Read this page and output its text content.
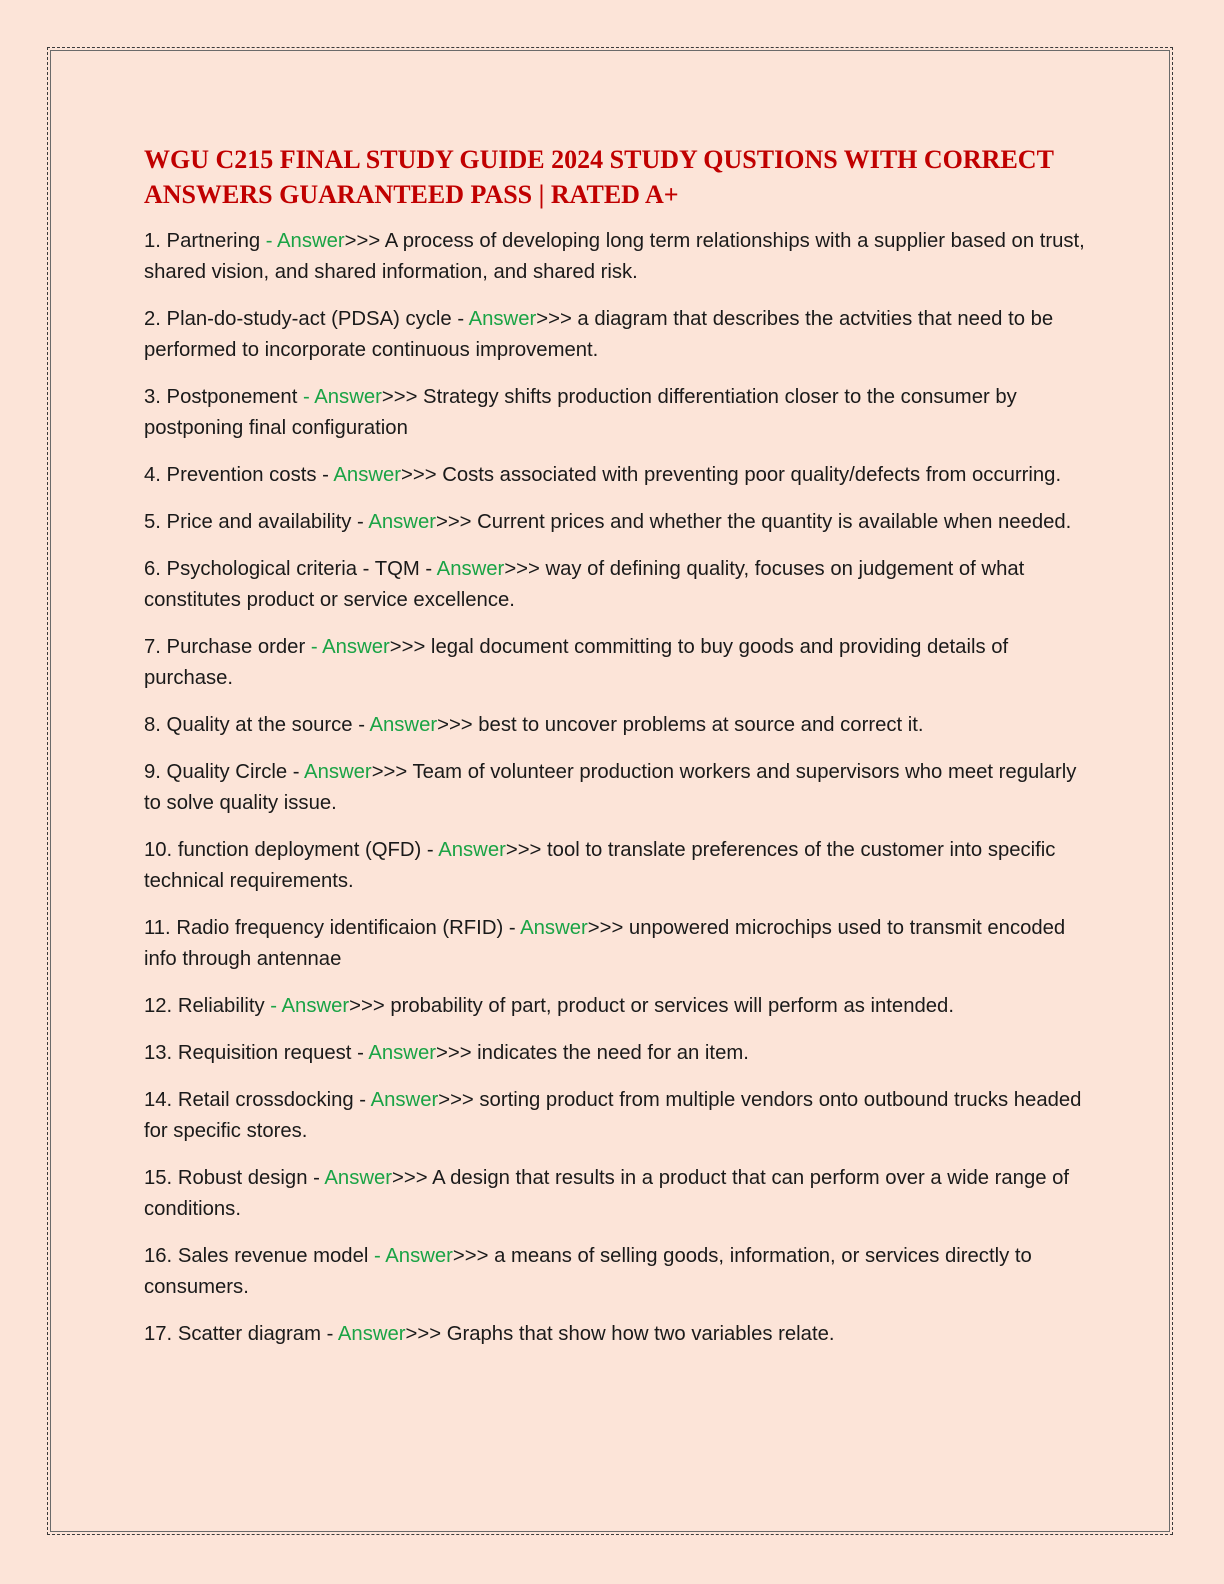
WGU C215 FINAL STUDY GUIDE 2024 STUDY QUSTIONS WITH CORRECT ANSWERS GUARANTEED PASS | RATED A+
1. Partnering - Answer>>> A process of developing long term relationships with a supplier based on trust, shared vision, and shared information, and shared risk.
2. Plan-do-study-act (PDSA) cycle - Answer>>> a diagram that describes the actvities that need to be performed to incorporate continuous improvement.
3. Postponement - Answer>>> Strategy shifts production differentiation closer to the consumer by postponing final configuration
4. Prevention costs - Answer>>> Costs associated with preventing poor quality/defects from occurring.
5. Price and availability - Answer>>> Current prices and whether the quantity is available when needed.
6. Psychological criteria - TQM - Answer>>> way of defining quality, focuses on judgement of what constitutes product or service excellence.
7. Purchase order - Answer>>> legal document committing to buy goods and providing details of purchase.
8. Quality at the source - Answer>>> best to uncover problems at source and correct it.
9. Quality Circle - Answer>>> Team of volunteer production workers and supervisors who meet regularly to solve quality issue.
10. function deployment (QFD) - Answer>>> tool to translate preferences of the customer into specific technical requirements.
11. Radio frequency identificaion (RFID) - Answer>>> unpowered microchips used to transmit encoded info through antennae
12. Reliability - Answer>>> probability of part, product or services will perform as intended.
13. Requisition request - Answer>>> indicates the need for an item.
14. Retail crossdocking - Answer>>> sorting product from multiple vendors onto outbound trucks headed for specific stores.
15. Robust design - Answer>>> A design that results in a product that can perform over a wide range of conditions.
16. Sales revenue model - Answer>>> a means of selling goods, information, or services directly to consumers.
17. Scatter diagram - Answer>>> Graphs that show how two variables relate.
